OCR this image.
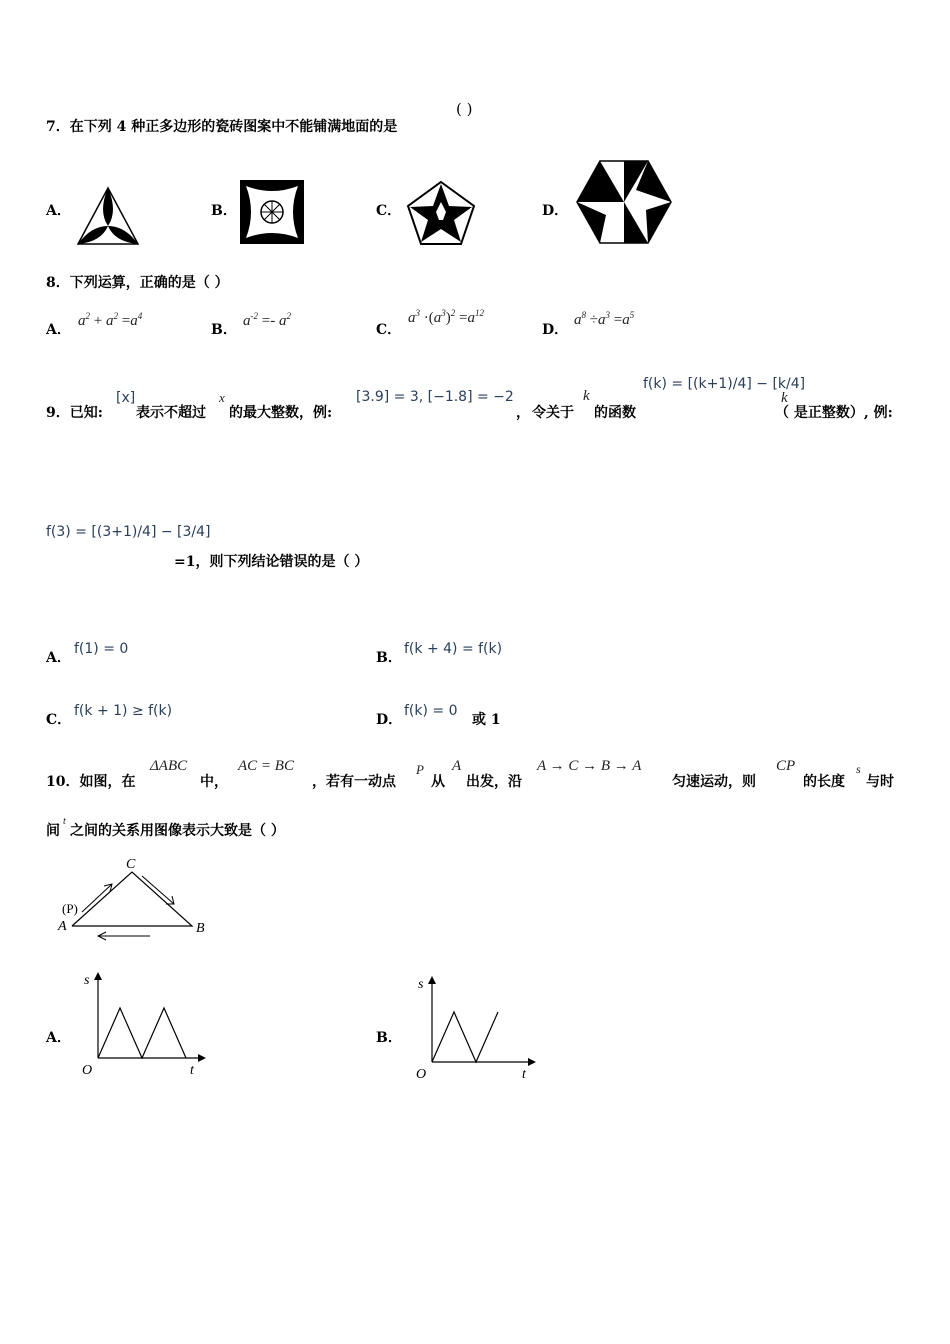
7．在下列 4 种正多边形的瓷砖图案中不能铺满地面的是
( )
A．	B．	C．	D．
8．下列运算，正确的是（ ）
A．
$a^2 + a^2 =a^4$
B．
$a^{-2} =- a^2$
C．
$a^3 \cdot(a^3)^2 =a^{12}$
D．
$a^8 \div a^3 =a^5$
9．已知:
[x]
表示不超过
x
的最大整数，例:
[3.9] = 3, [−1.8] = −2
， 令关于
k
的函数
f(k) = [(k+1)/4] − [k/4]
k
（ 是正整数）, 例:
f(3) = [(3+1)/4] − [3/4]
=1，则下列结论错误的是（ ）
A．
f(1) = 0
B．
f(k + 4) = f(k)
C．
f(k + 1) ≥ f(k)
D．
f(k) = 0
或 1
10．如图，在
ΔABC
中，
AC = BC
，若有一动点
P
从
A
出发，沿
A → C → B → A
匀速运动，则
CP
的长度
s
与时
间
t
之间的关系用图像表示大致是（ ）
C
(P)
A	B
A．
s
O	t
B．
s
O	t
